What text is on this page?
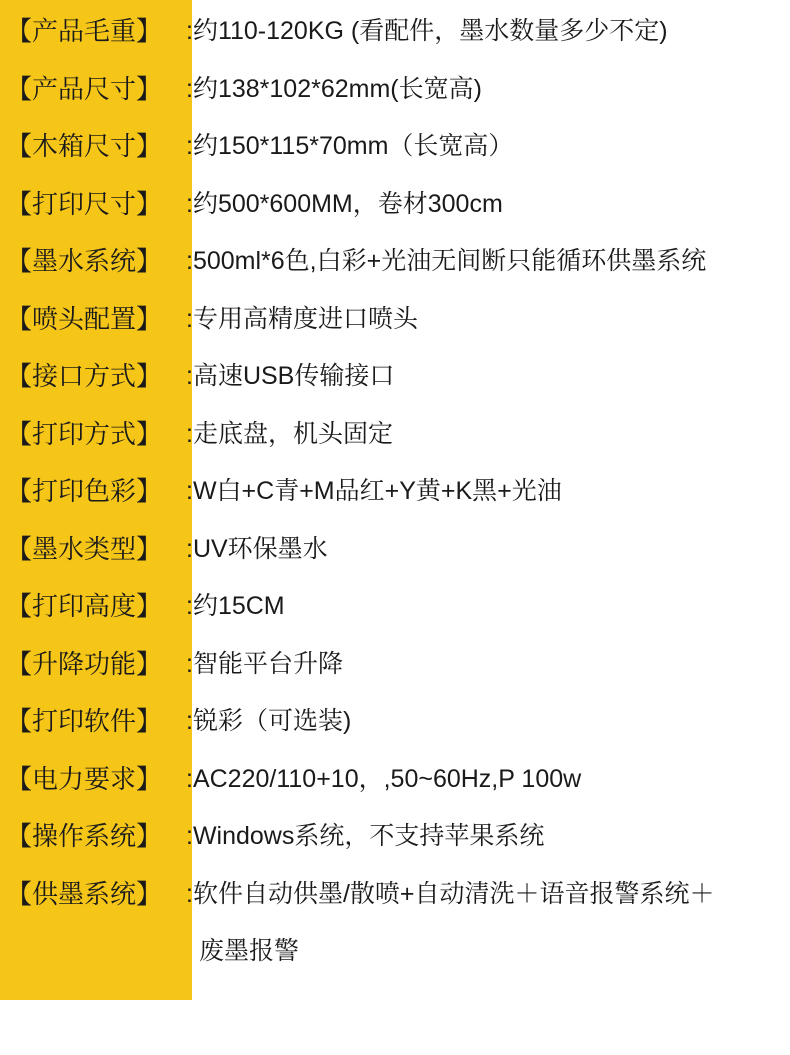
【产品毛重】 :约110-120KG (看配件，墨水数量多少不定)
【产品尺寸】 :约138*102*62mm(长宽高)
【木箱尺寸】 :约150*115*70mm（长宽高）
【打印尺寸】 :约500*600MM，卷材300cm
【墨水系统】 :500ml*6色,白彩+光油无间断只能循环供墨系统
【喷头配置】 :专用高精度进口喷头
【接口方式】 :高速USB传输接口
【打印方式】 :走底盘，机头固定
【打印色彩】 :W白+C青+M品红+Y黄+K黑+光油
【墨水类型】 :UV环保墨水
【打印高度】 :约15CM
【升降功能】 :智能平台升降
【打印软件】 :锐彩（可选装)
【电力要求】 :AC220/110+10，,50~60Hz,P 100w
【操作系统】 :Windows系统，不支持苹果系统
【供墨系统】 :软件自动供墨/散喷+自动清洗＋语音报警系统＋
废墨报警
